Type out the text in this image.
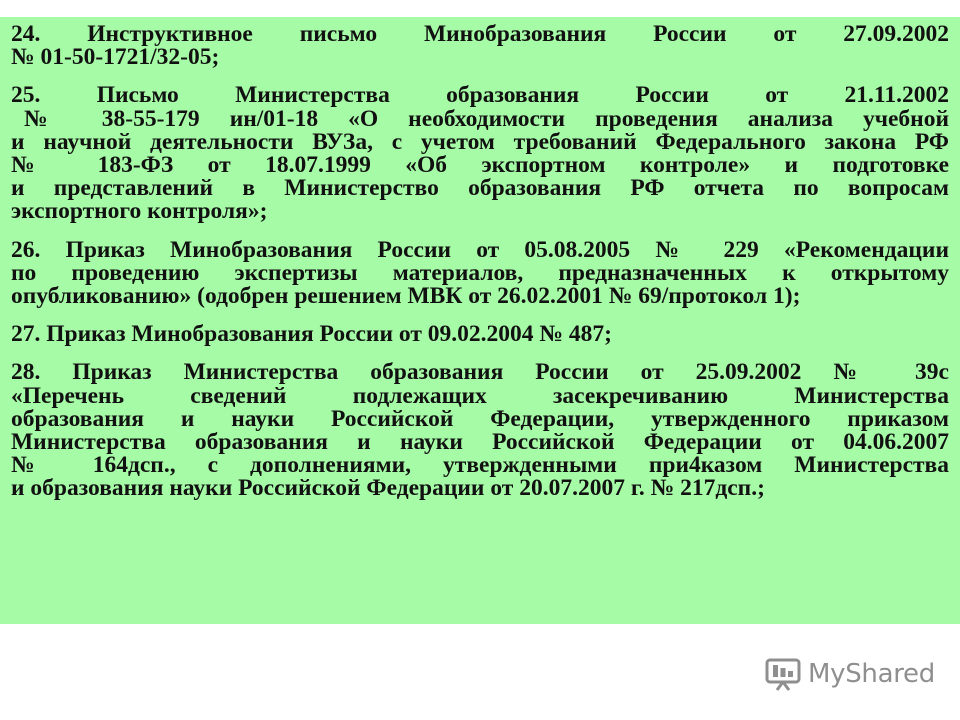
24. Инструктивное письмо Минобразования России от 27.09.2002
№ 01-50-1721/32-05;
25. Письмо Министерства образования России от 21.11.2002
№ 38-55-179 ин/01-18 «О необходимости проведения анализа учебной
и научной деятельности ВУЗа, с учетом требований Федерального закона РФ
№ 183-ФЗ от 18.07.1999 «Об экспортном контроле» и подготовке
и представлений в Министерство образования РФ отчета по вопросам
экспортного контроля»;
26. Приказ Минобразования России от 05.08.2005 № 229 «Рекомендации
по проведению экспертизы материалов, предназначенных к открытому
опубликованию» (одобрен решением МВК от 26.02.2001 № 69/протокол 1);
27. Приказ Минобразования России от 09.02.2004 № 487;
28. Приказ Министерства образования России от 25.09.2002 № 39с
«Перечень сведений подлежащих засекречиванию Министерства
образования и науки Российской Федерации, утвержденного приказом
Министерства образования и науки Российской Федерации от 04.06.2007
№ 164дсп., с дополнениями, утвержденными при4казом Министерства
и образования науки Российской Федерации от 20.07.2007 г. № 217дсп.;
MyShared
